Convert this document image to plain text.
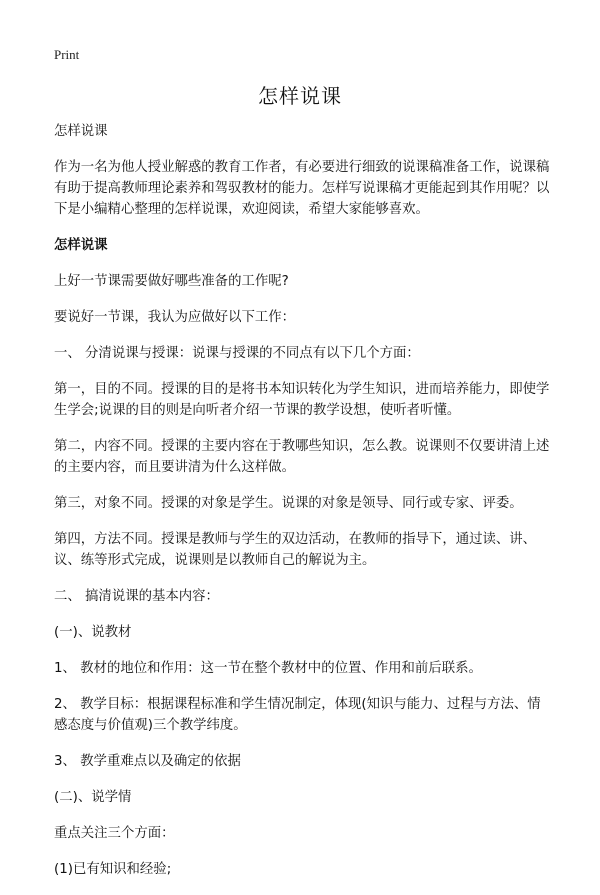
Print
怎样说课

怎样说课

作为一名为他人授业解惑的教育工作者，有必要进行细致的说课稿准备工作，说课稿有助于提高教师理论素养和驾驭教材的能力。怎样写说课稿才更能起到其作用呢？以下是小编精心整理的怎样说课，欢迎阅读，希望大家能够喜欢。

怎样说课

上好一节课需要做好哪些准备的工作呢?

要说好一节课，我认为应做好以下工作：

一、 分清说课与授课：说课与授课的不同点有以下几个方面：

第一，目的不同。授课的目的是将书本知识转化为学生知识，进而培养能力，即使学生学会;说课的目的则是向听者介绍一节课的教学设想，使听者听懂。

第二，内容不同。授课的主要内容在于教哪些知识，怎么教。说课则不仅要讲清上述的主要内容，而且要讲清为什么这样做。

第三，对象不同。授课的对象是学生。说课的对象是领导、同行或专家、评委。

第四，方法不同。授课是教师与学生的双边活动，在教师的指导下，通过读、讲、议、练等形式完成，说课则是以教师自己的解说为主。

二、 搞清说课的基本内容：

(一)、说教材

1、 教材的地位和作用：这一节在整个教材中的位置、作用和前后联系。

2、 教学目标：根据课程标准和学生情况制定，体现(知识与能力、过程与方法、情感态度与价值观)三个教学纬度。

3、 教学重难点以及确定的依据

(二)、说学情

重点关注三个方面：

(1)已有知识和经验;
